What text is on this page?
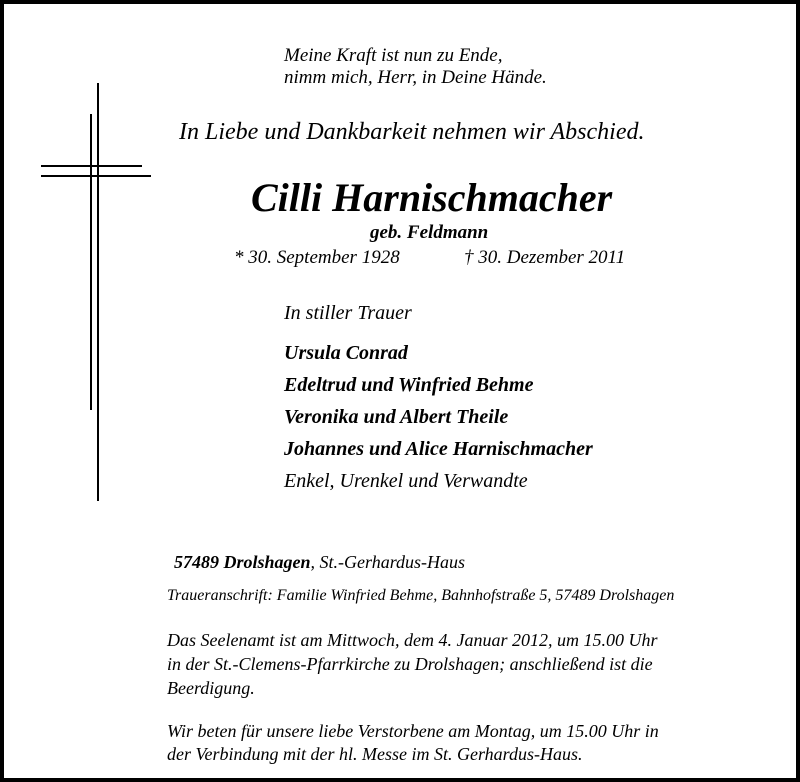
Meine Kraft ist nun zu Ende,

nimm mich, Herr, in Deine Hände.

In Liebe und Dankbarkeit nehmen wir Abschied.

Cilli Harnischmacher

geb. Feldmann

* 30. September 1928	† 30. Dezember 2011

In stiller Trauer

Ursula Conrad

Edeltrud und Winfried Behme

Veronika und Albert Theile

Johannes und Alice Harnischmacher

Enkel, Urenkel und Verwandte

57489 Drolshagen, St.-Gerhardus-Haus

Traueranschrift: Familie Winfried Behme, Bahnhofstraße 5, 57489 Drolshagen

Das Seelenamt ist am Mittwoch, dem 4. Januar 2012, um 15.00 Uhr

in der St.-Clemens-Pfarrkirche zu Drolshagen; anschließend ist die

Beerdigung.

Wir beten für unsere liebe Verstorbene am Montag, um 15.00 Uhr in

der Verbindung mit der hl. Messe im St. Gerhardus-Haus.
